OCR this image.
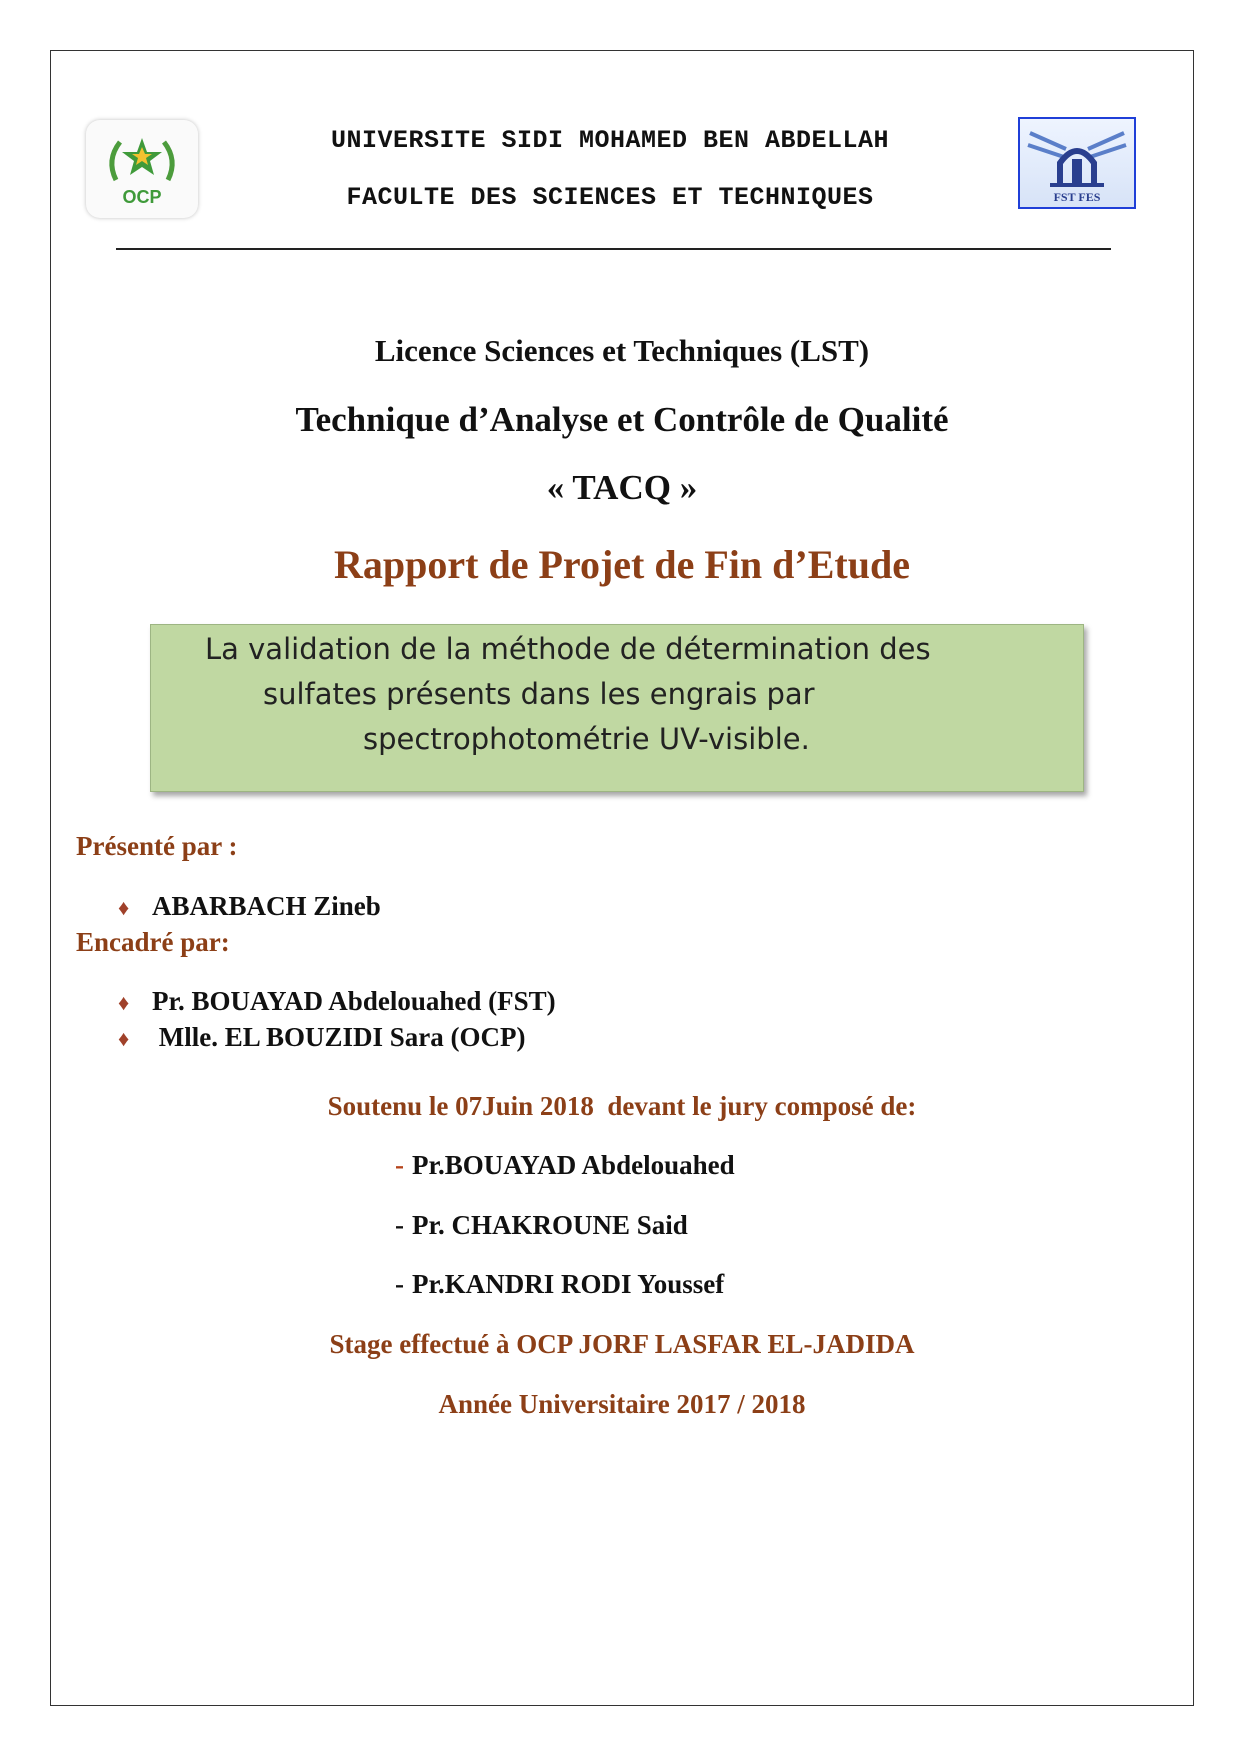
OCP	FST FES
UNIVERSITE SIDI MOHAMED BEN ABDELLAH
FACULTE DES SCIENCES ET TECHNIQUES
Licence Sciences et Techniques (LST)
Technique d’Analyse et Contrôle de Qualité
« TACQ »
Rapport de Projet de Fin d’Etude
La validation de la méthode de détermination des
sulfates présents dans les engrais par
spectrophotométrie UV-visible.
Présenté par :
♦ ABARBACH Zineb
Encadré par:
♦ Pr. BOUAYAD Abdelouahed (FST)
♦ Mlle. EL BOUZIDI Sara (OCP)
Soutenu le 07Juin 2018  devant le jury composé de:
- Pr.BOUAYAD Abdelouahed
- Pr. CHAKROUNE Said
- Pr.KANDRI RODI Youssef
Stage effectué à OCP JORF LASFAR EL-JADIDA
Année Universitaire 2017 / 2018
